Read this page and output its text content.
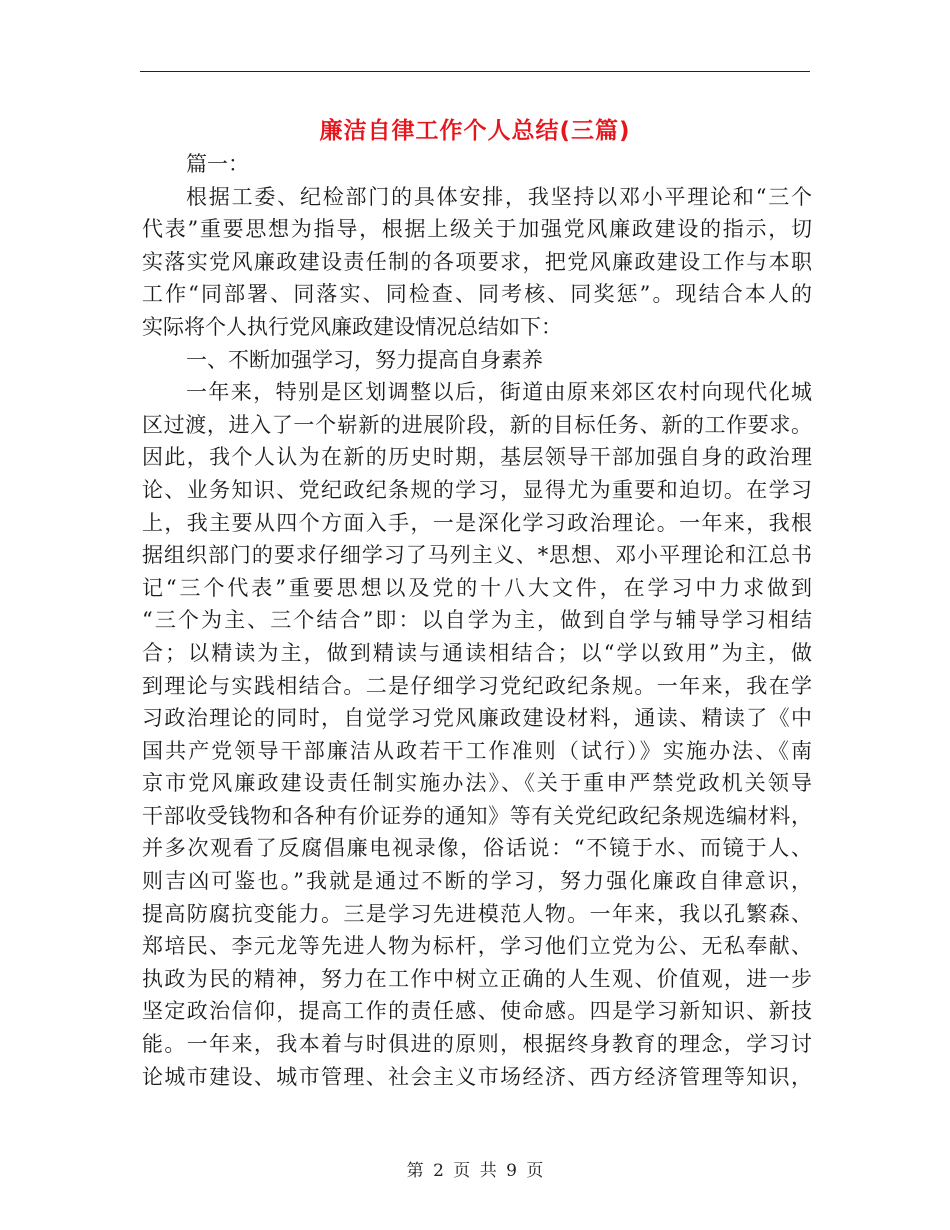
廉洁自律工作个人总结(三篇)
篇一：
根据工委、纪检部门的具体安排，我坚持以邓小平理论和“三个
代表”重要思想为指导，根据上级关于加强党风廉政建设的指示，切
实落实党风廉政建设责任制的各项要求，把党风廉政建设工作与本职
工作“同部署、同落实、同检查、同考核、同奖惩”。现结合本人的
实际将个人执行党风廉政建设情况总结如下：
一、不断加强学习，努力提高自身素养
一年来，特别是区划调整以后，街道由原来郊区农村向现代化城
区过渡，进入了一个崭新的进展阶段，新的目标任务、新的工作要求。
因此，我个人认为在新的历史时期，基层领导干部加强自身的政治理
论、业务知识、党纪政纪条规的学习，显得尤为重要和迫切。在学习
上，我主要从四个方面入手，一是深化学习政治理论。一年来，我根
据组织部门的要求仔细学习了马列主义、*思想、邓小平理论和江总书
记“三个代表”重要思想以及党的十八大文件，在学习中力求做到
“三个为主、三个结合”即：以自学为主，做到自学与辅导学习相结
合；以精读为主，做到精读与通读相结合；以“学以致用”为主，做
到理论与实践相结合。二是仔细学习党纪政纪条规。一年来，我在学
习政治理论的同时，自觉学习党风廉政建设材料，通读、精读了《中
国共产党领导干部廉洁从政若干工作准则（试行）》实施办法、《南
京市党风廉政建设责任制实施办法》、《关于重申严禁党政机关领导
干部收受钱物和各种有价证券的通知》等有关党纪政纪条规选编材料，
并多次观看了反腐倡廉电视录像，俗话说：“不镜于水、而镜于人、
则吉凶可鉴也。”我就是通过不断的学习，努力强化廉政自律意识，
提高防腐抗变能力。三是学习先进模范人物。一年来，我以孔繁森、
郑培民、李元龙等先进人物为标杆，学习他们立党为公、无私奉献、
执政为民的精神，努力在工作中树立正确的人生观、价值观，进一步
坚定政治信仰，提高工作的责任感、使命感。四是学习新知识、新技
能。一年来，我本着与时俱进的原则，根据终身教育的理念，学习讨
论城市建设、城市管理、社会主义市场经济、西方经济管理等知识，
第 2 页 共 9 页
